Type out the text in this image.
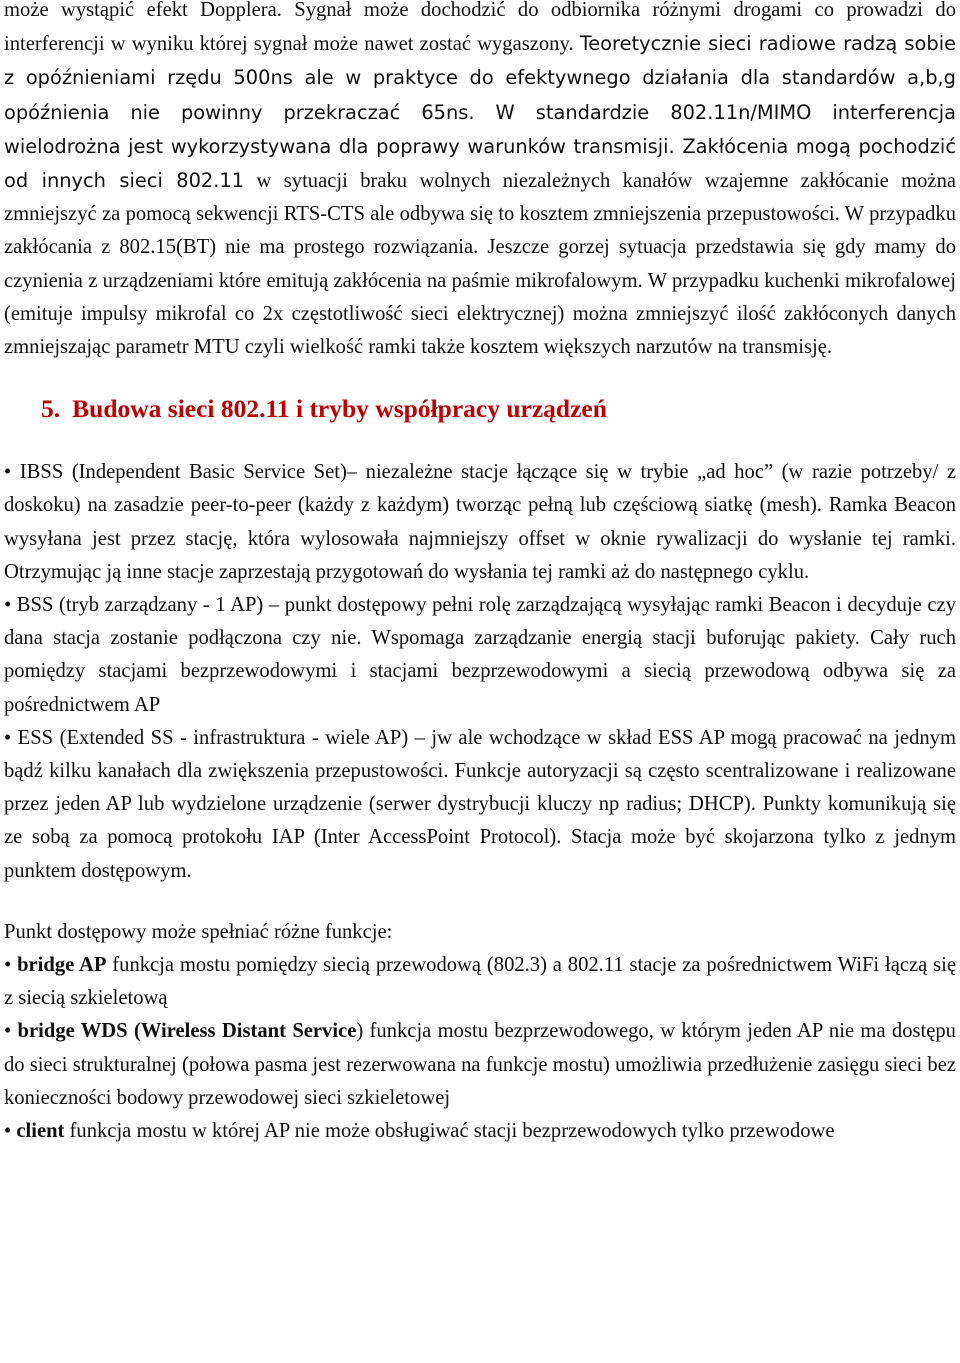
może wystąpić efekt Dopplera. Sygnał może dochodzić do odbiornika różnymi drogami co prowadzi do interferencji w wyniku której sygnał może nawet zostać wygaszony. Teoretycznie sieci radiowe radzą sobie z opóźnieniami rzędu 500ns ale w praktyce do efektywnego działania dla standardów a,b,g opóźnienia nie powinny przekraczać 65ns. W standardzie 802.11n/MIMO interferencja wielodrożna jest wykorzystywana dla poprawy warunków transmisji. Zakłócenia mogą pochodzić od innych sieci 802.11 w sytuacji braku wolnych niezależnych kanałów wzajemne zakłócanie można zmniejszyć za pomocą sekwencji RTS-CTS ale odbywa się to kosztem zmniejszenia przepustowości. W przypadku zakłócania z 802.15(BT) nie ma prostego rozwiązania. Jeszcze gorzej sytuacja przedstawia się gdy mamy do czynienia z urządzeniami które emitują zakłócenia na paśmie mikrofalowym. W przypadku kuchenki mikrofalowej (emituje impulsy mikrofal co 2x częstotliwość sieci elektrycznej) można zmniejszyć ilość zakłóconych danych zmniejszając parametr MTU czyli wielkość ramki także kosztem większych narzutów na transmisję.

5. Budowa sieci 802.11 i tryby współpracy urządzeń

• IBSS (Independent Basic Service Set)– niezależne stacje łączące się w trybie „ad hoc” (w razie potrzeby/ z doskoku) na zasadzie peer-to-peer (każdy z każdym) tworząc pełną lub częściową siatkę (mesh). Ramka Beacon wysyłana jest przez stację, która wylosowała najmniejszy offset w oknie rywalizacji do wysłanie tej ramki. Otrzymując ją inne stacje zaprzestają przygotowań do wysłania tej ramki aż do następnego cyklu.

• BSS (tryb zarządzany - 1 AP) – punkt dostępowy pełni rolę zarządzającą wysyłając ramki Beacon i decyduje czy dana stacja zostanie podłączona czy nie. Wspomaga zarządzanie energią stacji buforując pakiety. Cały ruch pomiędzy stacjami bezprzewodowymi i stacjami bezprzewodowymi a siecią przewodową odbywa się za pośrednictwem AP

• ESS (Extended SS - infrastruktura - wiele AP) – jw ale wchodzące w skład ESS AP mogą pracować na jednym bądź kilku kanałach dla zwiększenia przepustowości. Funkcje autoryzacji są często scentralizowane i realizowane przez jeden AP lub wydzielone urządzenie (serwer dystrybucji kluczy np radius; DHCP). Punkty komunikują się ze sobą za pomocą protokołu IAP (Inter AccessPoint Protocol). Stacja może być skojarzona tylko z jednym punktem dostępowym.

Punkt dostępowy może spełniać różne funkcje:

• bridge AP funkcja mostu pomiędzy siecią przewodową (802.3) a 802.11 stacje za pośrednictwem WiFi łączą się z siecią szkieletową

• bridge WDS (Wireless Distant Service) funkcja mostu bezprzewodowego, w którym jeden AP nie ma dostępu do sieci strukturalnej (połowa pasma jest rezerwowana na funkcje mostu) umożliwia przedłużenie zasięgu sieci bez konieczności bodowy przewodowej sieci szkieletowej

• client funkcja mostu w której AP nie może obsługiwać stacji bezprzewodowych tylko przewodowe
